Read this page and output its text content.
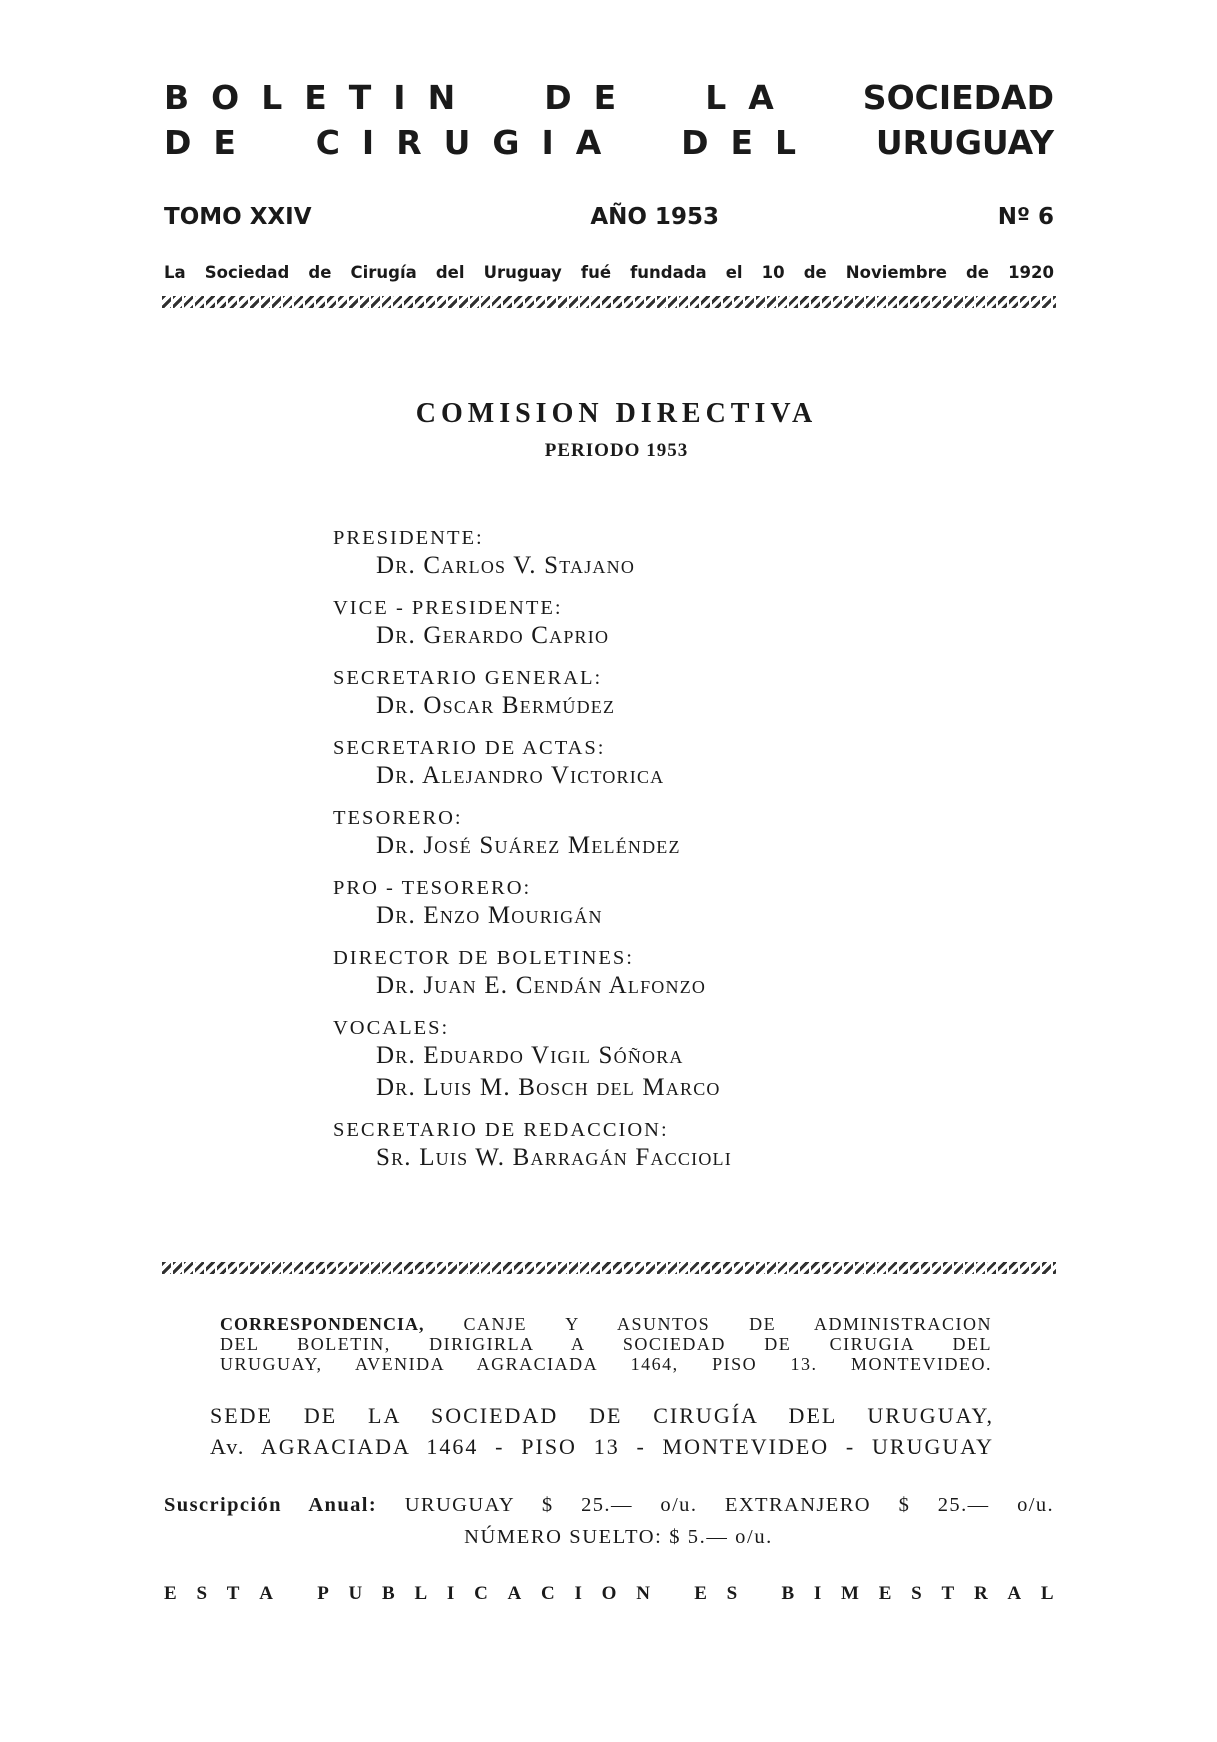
BOLETIN DE LA SOCIEDAD
DE CIRUGIA DEL URUGUAY
TOMO XXIV	AÑO 1953	Nº 6
La Sociedad de Cirugía del Uruguay fué fundada el 10 de Noviembre de 1920
COMISION DIRECTIVA
PERIODO 1953
PRESIDENTE:
Dr. Carlos V. Stajano
VICE - PRESIDENTE:
Dr. Gerardo Caprio
SECRETARIO GENERAL:
Dr. Oscar Bermúdez
SECRETARIO DE ACTAS:
Dr. Alejandro Victorica
TESORERO:
Dr. José Suárez Meléndez
PRO - TESORERO:
Dr. Enzo Mourigán
DIRECTOR DE BOLETINES:
Dr. Juan E. Cendán Alfonzo
VOCALES:
Dr. Eduardo Vigil Sóñora
Dr. Luis M. Bosch del Marco
SECRETARIO DE REDACCION:
Sr. Luis W. Barragán Faccioli
CORRESPONDENCIA, CANJE Y ASUNTOS DE ADMINISTRACION
DEL BOLETIN, DIRIGIRLA A SOCIEDAD DE CIRUGIA DEL
URUGUAY, AVENIDA AGRACIADA 1464, PISO 13. MONTEVIDEO.
SEDE DE LA SOCIEDAD DE CIRUGÍA DEL URUGUAY,
Av. AGRACIADA 1464 - PISO 13 - MONTEVIDEO - URUGUAY
Suscripción Anual: URUGUAY $ 25.— o/u. EXTRANJERO $ 25.— o/u.
NÚMERO SUELTO: $ 5.— o/u.
E S T A
P U B L I C A C I O N
E S
B I M E S T R A L
